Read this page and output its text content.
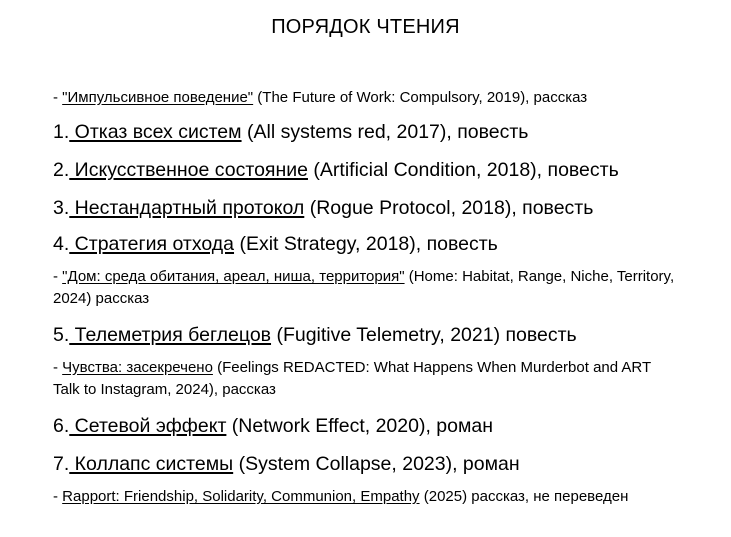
ПОРЯДОК ЧТЕНИЯ
- "Импульсивное поведение" (The Future of Work: Compulsory, 2019), рассказ
1. Отказ всех систем (All systems red, 2017), повесть
2. Искусственное состояние (Artificial Condition, 2018), повесть
3. Нестандартный протокол (Rogue Protocol, 2018), повесть
4. Стратегия отхода (Exit Strategy, 2018), повесть
- "Дом: среда обитания, ареал, ниша, территория" (Home: Habitat, Range, Niche, Territory, 2024) рассказ
5. Телеметрия беглецов (Fugitive Telemetry, 2021) повесть
- Чувства: засекречено (Feelings REDACTED: What Happens When Murderbot and ART Talk to Instagram, 2024), рассказ
6. Сетевой эффект (Network Effect, 2020), роман
7. Коллапс системы (System Collapse, 2023), роман
- Rapport: Friendship, Solidarity, Communion, Empathy (2025) рассказ, не переведен
